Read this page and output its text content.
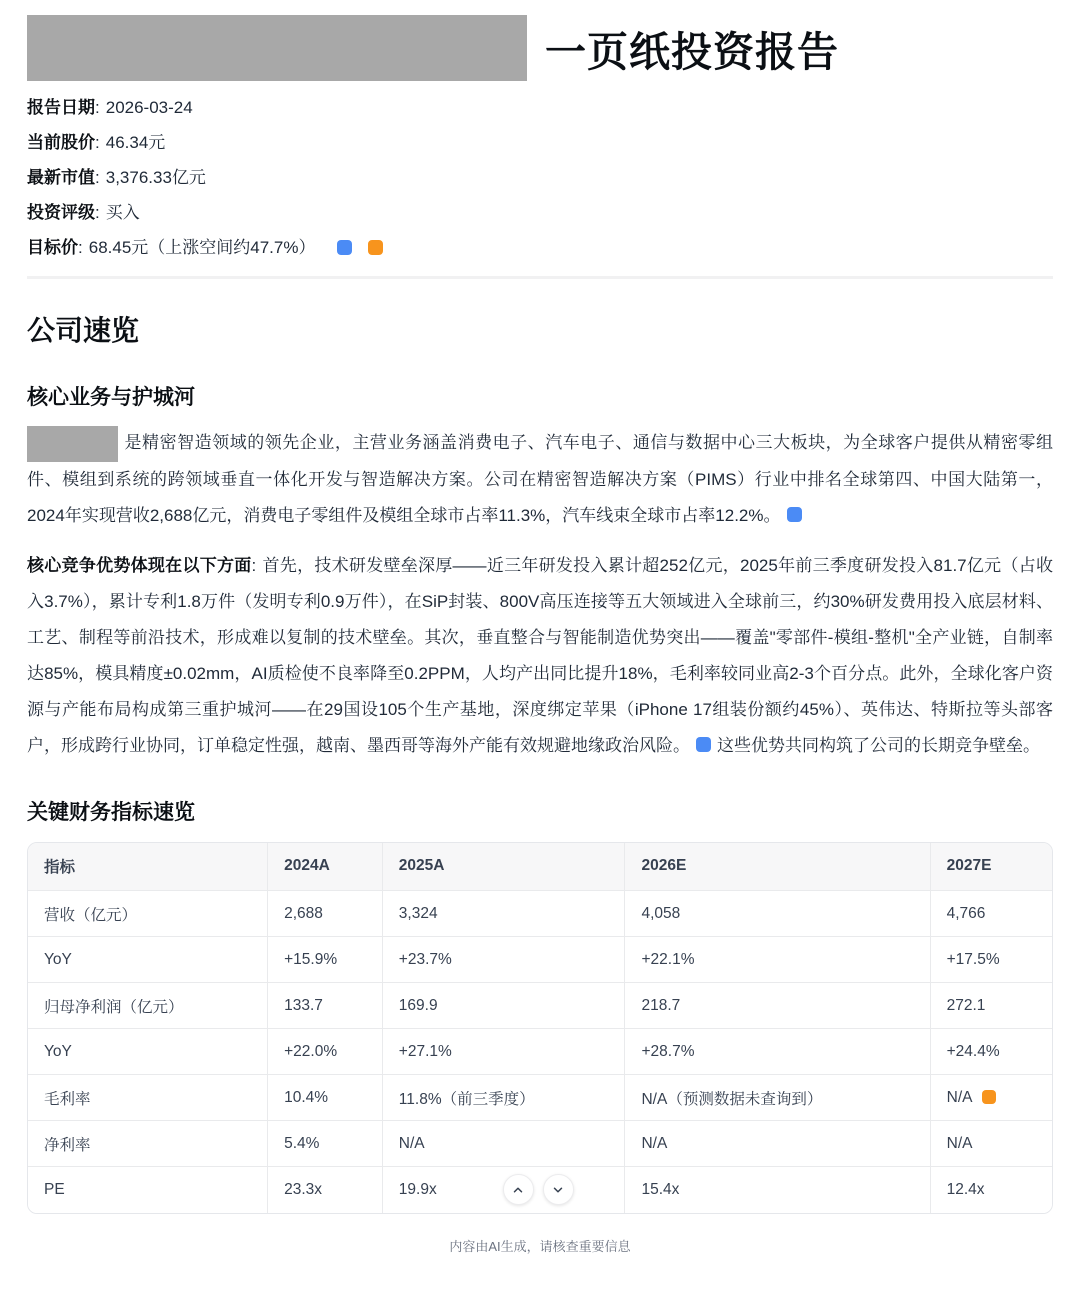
一页纸投资报告
报告日期: 2026-03-24
当前股价: 46.34元
最新市值: 3,376.33亿元
投资评级: 买入
目标价: 68.45元（上涨空间约47.7%）
公司速览
核心业务与护城河

是精密智造领域的领先企业，主营业务涵盖消费电子、汽车电子、通信与数据中心三大板块，为全球客户提供从精密零组件、模组到系统的跨领域垂直一体化开发与智造解决方案。公司在精密智造解决方案（PIMS）行业中排名全球第四、中国大陆第一，2024年实现营收2,688亿元，消费电子零组件及模组全球市占率11.3%，汽车线束全球市占率12.2%。

核心竞争优势体现在以下方面: 首先，技术研发壁垒深厚——近三年研发投入累计超252亿元，2025年前三季度研发投入81.7亿元（占收入3.7%），累计专利1.8万件（发明专利0.9万件），在SiP封装、800V高压连接等五大领域进入全球前三，约30%研发费用投入底层材料、工艺、制程等前沿技术，形成难以复制的技术壁垒。其次，垂直整合与智能制造优势突出——覆盖"零部件-模组-整机"全产业链，自制率达85%，模具精度±0.02mm，AI质检使不良率降至0.2PPM，人均产出同比提升18%，毛利率较同业高2-3个百分点。此外，全球化客户资源与产能布局构成第三重护城河——在29国设105个生产基地，深度绑定苹果（iPhone 17组装份额约45%）、英伟达、特斯拉等头部客户，形成跨行业协同，订单稳定性强，越南、墨西哥等海外产能有效规避地缘政治风险。 这些优势共同构筑了公司的长期竞争壁垒。

关键财务指标速览
指标	2024A	2025A	2026E	2027E
营收（亿元）	2,688	3,324	4,058	4,766
YoY	+15.9%	+23.7%	+22.1%	+17.5%
归母净利润（亿元）	133.7	169.9	218.7	272.1
YoY	+22.0%	+27.1%	+28.7%	+24.4%
毛利率	10.4%	11.8%（前三季度）	N/A（预测数据未查询到）	N/A
净利率	5.4%	N/A	N/A	N/A
PE	23.3x	19.9x	15.4x	12.4x
内容由AI生成，请核查重要信息
